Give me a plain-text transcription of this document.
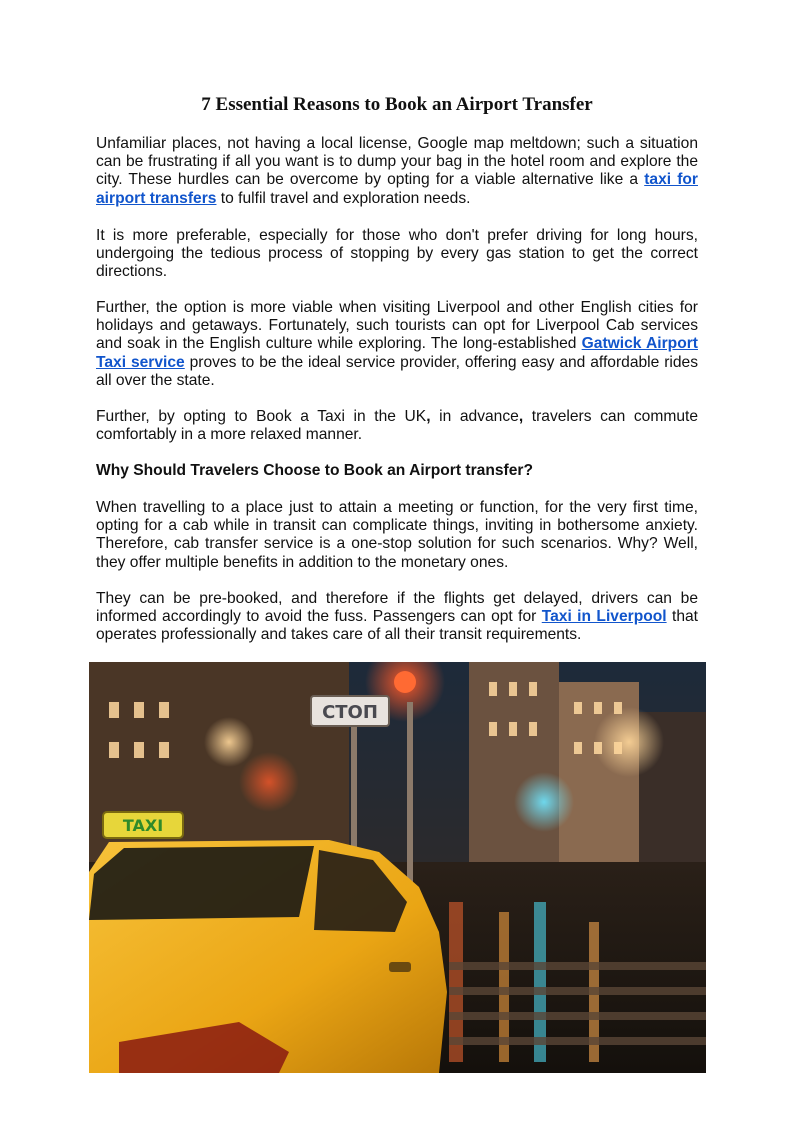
7 Essential Reasons to Book an Airport Transfer

Unfamiliar places, not having a local license, Google map meltdown; such a situation can be frustrating if all you want is to dump your bag in the hotel room and explore the city. These hurdles can be overcome by opting for a viable alternative like a taxi for airport transfers to fulfil travel and exploration needs.

It is more preferable, especially for those who don't prefer driving for long hours, undergoing the tedious process of stopping by every gas station to get the correct directions.

Further, the option is more viable when visiting Liverpool and other English cities for holidays and getaways. Fortunately, such tourists can opt for Liverpool Cab services and soak in the English culture while exploring. The long-established Gatwick Airport Taxi service proves to be the ideal service provider, offering easy and affordable rides all over the state.

Further, by opting to Book a Taxi in the UK, in advance, travelers can commute comfortably in a more relaxed manner.

Why Should Travelers Choose to Book an Airport transfer?

When travelling to a place just to attain a meeting or function, for the very first time, opting for a cab while in transit can complicate things, inviting in bothersome anxiety. Therefore, cab transfer service is a one-stop solution for such scenarios. Why? Well, they offer multiple benefits in addition to the monetary ones.

They can be pre-booked, and therefore if the flights get delayed, drivers can be informed accordingly to avoid the fuss. Passengers can opt for Taxi in Liverpool that operates professionally and takes care of all their transit requirements.

СТОП
TAXI
